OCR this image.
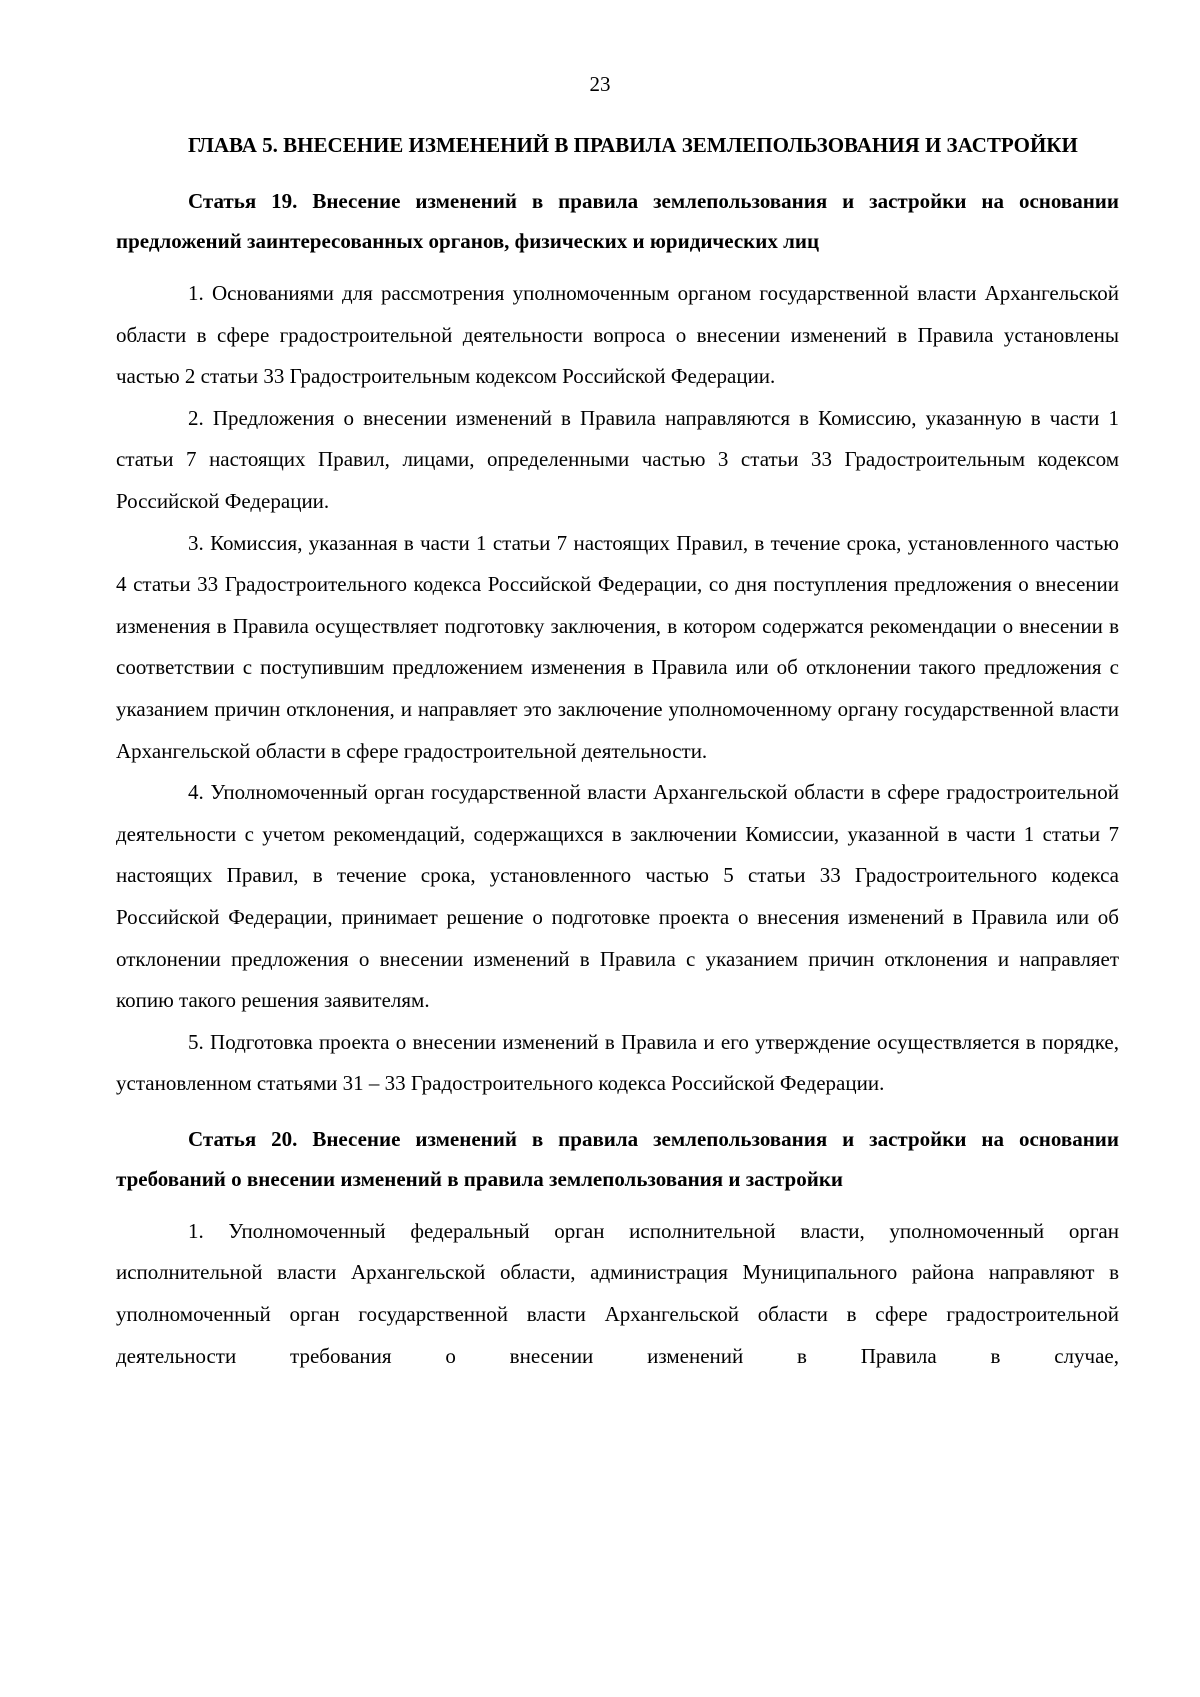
23

ГЛАВА 5. ВНЕСЕНИЕ ИЗМЕНЕНИЙ В ПРАВИЛА ЗЕМЛЕПОЛЬЗОВАНИЯ И ЗАСТРОЙКИ

Статья 19. Внесение изменений в правила землепользования и застройки на основании предложений заинтересованных органов, физических и юридических лиц

1. Основаниями для рассмотрения уполномоченным органом государственной власти Архангельской области в сфере градостроительной деятельности вопроса о внесении изменений в Правила установлены частью 2 статьи 33 Градостроительным кодексом Российской Федерации.

2. Предложения о внесении изменений в Правила направляются в Комиссию, указанную в части 1 статьи 7 настоящих Правил, лицами, определенными частью 3 статьи 33 Градостроительным кодексом Российской Федерации.

3. Комиссия, указанная в части 1 статьи 7 настоящих Правил, в течение срока, установленного частью 4 статьи 33 Градостроительного кодекса Российской Федерации, со дня поступления предложения о внесении изменения в Правила осуществляет подготовку заключения, в котором содержатся рекомендации о внесении в соответствии с поступившим предложением изменения в Правила или об отклонении такого предложения с указанием причин отклонения, и направляет это заключение уполномоченному органу государственной власти Архангельской области в сфере градостроительной деятельности.

4. Уполномоченный орган государственной власти Архангельской области в сфере градостроительной деятельности с учетом рекомендаций, содержащихся в заключении Комиссии, указанной в части 1 статьи 7 настоящих Правил, в течение срока, установленного частью 5 статьи 33 Градостроительного кодекса Российской Федерации, принимает решение о подготовке проекта о внесения изменений в Правила или об отклонении предложения о внесении изменений в Правила с указанием причин отклонения и направляет копию такого решения заявителям.

5. Подготовка проекта о внесении изменений в Правила и его утверждение осуществляется в порядке, установленном статьями 31 – 33 Градостроительного кодекса Российской Федерации.

Статья 20. Внесение изменений в правила землепользования и застройки на основании требований о внесении изменений в правила землепользования и застройки

1. Уполномоченный федеральный орган исполнительной власти, уполномоченный орган исполнительной власти Архангельской области, администрация Муниципального района направляют в уполномоченный орган государственной власти Архангельской области в сфере градостроительной деятельности требования о внесении изменений в Правила в случае,
